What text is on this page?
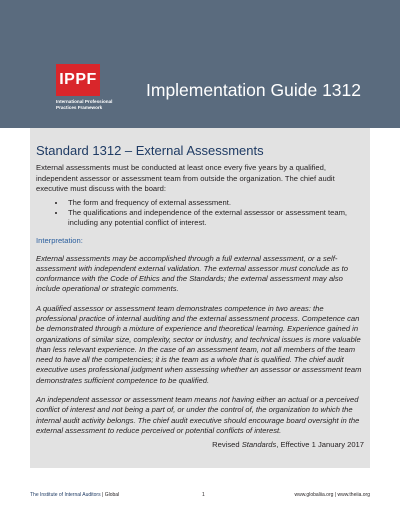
IPPF
International Professional
Practices Framework
Implementation Guide 1312
Standard 1312 – External Assessments
External assessments must be conducted at least once every five years by a qualified, independent assessor or assessment team from outside the organization. The chief audit executive must discuss with the board:
• The form and frequency of external assessment.
• The qualifications and independence of the external assessor or assessment team, including any potential conflict of interest.
Interpretation:
External assessments may be accomplished through a full external assessment, or a self-assessment with independent external validation. The external assessor must conclude as to conformance with the Code of Ethics and the Standards; the external assessment may also include operational or strategic comments.
A qualified assessor or assessment team demonstrates competence in two areas: the professional practice of internal auditing and the external assessment process. Competence can be demonstrated through a mixture of experience and theoretical learning. Experience gained in organizations of similar size, complexity, sector or industry, and technical issues is more valuable than less relevant experience. In the case of an assessment team, not all members of the team need to have all the competencies; it is the team as a whole that is qualified. The chief audit executive uses professional judgment when assessing whether an assessor or assessment team demonstrates sufficient competence to be qualified.
An independent assessor or assessment team means not having either an actual or a perceived conflict of interest and not being a part of, or under the control of, the organization to which the internal audit activity belongs. The chief audit executive should encourage board oversight in the external assessment to reduce perceived or potential conflicts of interest.
Revised Standards, Effective 1 January 2017
The Institute of Internal Auditors | Global	1	www.globaliia.org | www.theiia.org
